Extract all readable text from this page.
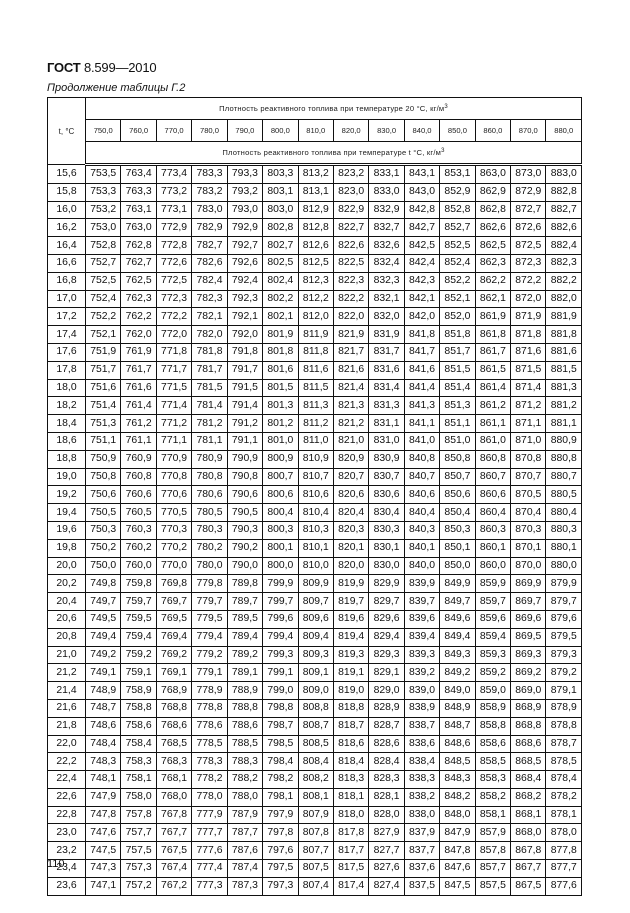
ГОСТ 8.599—2010
Продолжение таблицы Г.2
t, °С	Плотность реактивного топлива при температуре 20 °С, $кг/м^3$
	750,0	760,0	770,0	780,0	790,0	800,0	810,0	820,0	830,0	840,0	850,0	860,0	870,0	880,0
	Плотность реактивного топлива при температуре t °С, $кг/м^3$
15,6	753,5	763,4	773,4	783,3	793,3	803,3	813,2	823,2	833,1	843,1	853,1	863,0	873,0	883,0
15,8	753,3	763,3	773,2	783,2	793,2	803,1	813,1	823,0	833,0	843,0	852,9	862,9	872,9	882,8
16,0	753,2	763,1	773,1	783,0	793,0	803,0	812,9	822,9	832,9	842,8	852,8	862,8	872,7	882,7
16,2	753,0	763,0	772,9	782,9	792,9	802,8	812,8	822,7	832,7	842,7	852,7	862,6	872,6	882,6
16,4	752,8	762,8	772,8	782,7	792,7	802,7	812,6	822,6	832,6	842,5	852,5	862,5	872,5	882,4
16,6	752,7	762,7	772,6	782,6	792,6	802,5	812,5	822,5	832,4	842,4	852,4	862,3	872,3	882,3
16,8	752,5	762,5	772,5	782,4	792,4	802,4	812,3	822,3	832,3	842,3	852,2	862,2	872,2	882,2
17,0	752,4	762,3	772,3	782,3	792,3	802,2	812,2	822,2	832,1	842,1	852,1	862,1	872,0	882,0
17,2	752,2	762,2	772,2	782,1	792,1	802,1	812,0	822,0	832,0	842,0	852,0	861,9	871,9	881,9
17,4	752,1	762,0	772,0	782,0	792,0	801,9	811,9	821,9	831,9	841,8	851,8	861,8	871,8	881,8
17,6	751,9	761,9	771,8	781,8	791,8	801,8	811,8	821,7	831,7	841,7	851,7	861,7	871,6	881,6
17,8	751,7	761,7	771,7	781,7	791,7	801,6	811,6	821,6	831,6	841,6	851,5	861,5	871,5	881,5
18,0	751,6	761,6	771,5	781,5	791,5	801,5	811,5	821,4	831,4	841,4	851,4	861,4	871,4	881,3
18,2	751,4	761,4	771,4	781,4	791,4	801,3	811,3	821,3	831,3	841,3	851,3	861,2	871,2	881,2
18,4	751,3	761,2	771,2	781,2	791,2	801,2	811,2	821,2	831,1	841,1	851,1	861,1	871,1	881,1
18,6	751,1	761,1	771,1	781,1	791,1	801,0	811,0	821,0	831,0	841,0	851,0	861,0	871,0	880,9
18,8	750,9	760,9	770,9	780,9	790,9	800,9	810,9	820,9	830,9	840,8	850,8	860,8	870,8	880,8
19,0	750,8	760,8	770,8	780,8	790,8	800,7	810,7	820,7	830,7	840,7	850,7	860,7	870,7	880,7
19,2	750,6	760,6	770,6	780,6	790,6	800,6	810,6	820,6	830,6	840,6	850,6	860,6	870,5	880,5
19,4	750,5	760,5	770,5	780,5	790,5	800,4	810,4	820,4	830,4	840,4	850,4	860,4	870,4	880,4
19,6	750,3	760,3	770,3	780,3	790,3	800,3	810,3	820,3	830,3	840,3	850,3	860,3	870,3	880,3
19,8	750,2	760,2	770,2	780,2	790,2	800,1	810,1	820,1	830,1	840,1	850,1	860,1	870,1	880,1
20,0	750,0	760,0	770,0	780,0	790,0	800,0	810,0	820,0	830,0	840,0	850,0	860,0	870,0	880,0
20,2	749,8	759,8	769,8	779,8	789,8	799,9	809,9	819,9	829,9	839,9	849,9	859,9	869,9	879,9
20,4	749,7	759,7	769,7	779,7	789,7	799,7	809,7	819,7	829,7	839,7	849,7	859,7	869,7	879,7
20,6	749,5	759,5	769,5	779,5	789,5	799,6	809,6	819,6	829,6	839,6	849,6	859,6	869,6	879,6
20,8	749,4	759,4	769,4	779,4	789,4	799,4	809,4	819,4	829,4	839,4	849,4	859,4	869,5	879,5
21,0	749,2	759,2	769,2	779,2	789,2	799,3	809,3	819,3	829,3	839,3	849,3	859,3	869,3	879,3
21,2	749,1	759,1	769,1	779,1	789,1	799,1	809,1	819,1	829,1	839,2	849,2	859,2	869,2	879,2
21,4	748,9	758,9	768,9	778,9	788,9	799,0	809,0	819,0	829,0	839,0	849,0	859,0	869,0	879,1
21,6	748,7	758,8	768,8	778,8	788,8	798,8	808,8	818,8	828,9	838,9	848,9	858,9	868,9	878,9
21,8	748,6	758,6	768,6	778,6	788,6	798,7	808,7	818,7	828,7	838,7	848,7	858,8	868,8	878,8
22,0	748,4	758,4	768,5	778,5	788,5	798,5	808,5	818,6	828,6	838,6	848,6	858,6	868,6	878,7
22,2	748,3	758,3	768,3	778,3	788,3	798,4	808,4	818,4	828,4	838,4	848,5	858,5	868,5	878,5
22,4	748,1	758,1	768,1	778,2	788,2	798,2	808,2	818,3	828,3	838,3	848,3	858,3	868,4	878,4
22,6	747,9	758,0	768,0	778,0	788,0	798,1	808,1	818,1	828,1	838,2	848,2	858,2	868,2	878,2
22,8	747,8	757,8	767,8	777,9	787,9	797,9	807,9	818,0	828,0	838,0	848,0	858,1	868,1	878,1
23,0	747,6	757,7	767,7	777,7	787,7	797,8	807,8	817,8	827,9	837,9	847,9	857,9	868,0	878,0
23,2	747,5	757,5	767,5	777,6	787,6	797,6	807,7	817,7	827,7	837,7	847,8	857,8	867,8	877,8
23,4	747,3	757,3	767,4	777,4	787,4	797,5	807,5	817,5	827,6	837,6	847,6	857,7	867,7	877,7
23,6	747,1	757,2	767,2	777,3	787,3	797,3	807,4	817,4	827,4	837,5	847,5	857,5	867,5	877,6
110
